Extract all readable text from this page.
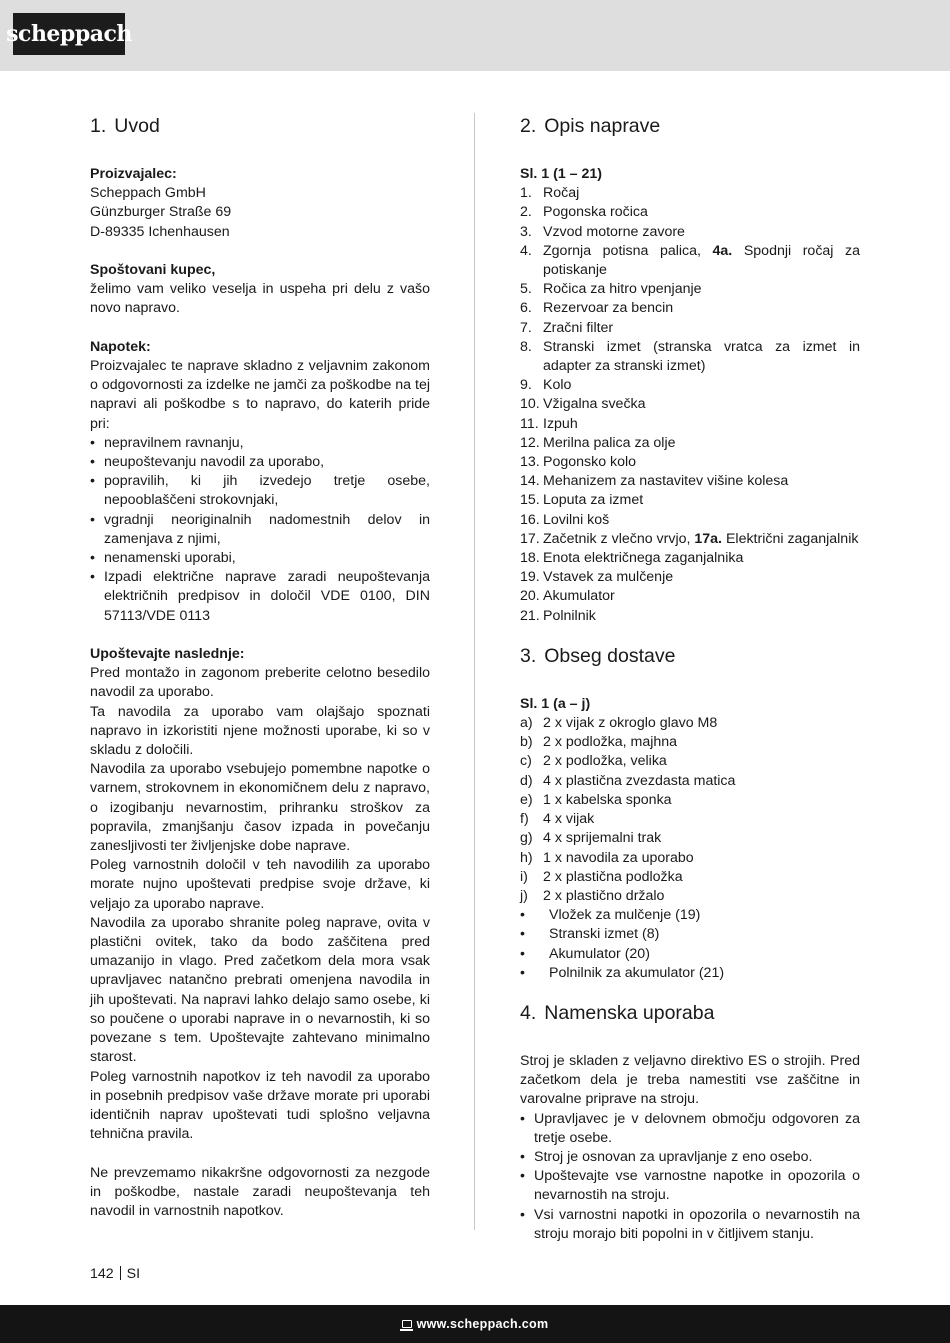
scheppach
1. Uvod
Proizvajalec:
Scheppach GmbH
Günzburger Straße 69
D-89335 Ichenhausen
Spoštovani kupec,

želimo vam veliko veselja in uspeha pri delu z vašo novo napravo.

Napotek:

Proizvajalec te naprave skladno z veljavnim zakonom o odgovornosti za izdelke ne jamči za poškodbe na tej napravi ali poškodbe s to napravo, do katerih pride pri:

• nepravilnem ravnanju,
• neupoštevanju navodil za uporabo,
• popravilih, ki jih izvedejo tretje osebe, nepooblaščeni strokovnjaki,
• vgradnji neoriginalnih nadomestnih delov in zamenjava z njimi,
• nenamenski uporabi,
• Izpadi električne naprave zaradi neupoštevanja električnih predpisov in določil VDE 0100, DIN 57113/VDE 0113
Upoštevajte naslednje:

Pred montažo in zagonom preberite celotno besedilo navodil za uporabo.

Ta navodila za uporabo vam olajšajo spoznati napravo in izkoristiti njene možnosti uporabe, ki so v skladu z določili.

Navodila za uporabo vsebujejo pomembne napotke o varnem, strokovnem in ekonomičnem delu z napravo, o izogibanju nevarnostim, prihranku stroškov za popravila, zmanjšanju časov izpada in povečanju zanesljivosti ter življenjske dobe naprave.

Poleg varnostnih določil v teh navodilih za uporabo morate nujno upoštevati predpise svoje države, ki veljajo za uporabo naprave.

Navodila za uporabo shranite poleg naprave, ovita v plastični ovitek, tako da bodo zaščitena pred umazanijo in vlago. Pred začetkom dela mora vsak upravljavec natančno prebrati omenjena navodila in jih upoštevati. Na napravi lahko delajo samo osebe, ki so poučene o uporabi naprave in o nevarnostih, ki so povezane s tem. Upoštevajte zahtevano minimalno starost.

Poleg varnostnih napotkov iz teh navodil za uporabo in posebnih predpisov vaše države morate pri uporabi identičnih naprav upoštevati tudi splošno veljavna tehnična pravila.

Ne prevzemamo nikakršne odgovornosti za nezgode in poškodbe, nastale zaradi neupoštevanja teh navodil in varnostnih napotkov.

2. Opis naprave
Sl. 1 (1 – 21)
1. Ročaj
2. Pogonska ročica
3. Vzvod motorne zavore
4. Zgornja potisna palica, 4a. Spodnji ročaj za potiskanje
5. Ročica za hitro vpenjanje
6. Rezervoar za bencin
7. Zračni filter
8. Stranski izmet (stranska vratca za izmet in adapter za stranski izmet)
9. Kolo
10. Vžigalna svečka
11. Izpuh
12. Merilna palica za olje
13. Pogonsko kolo
14. Mehanizem za nastavitev višine kolesa
15. Loputa za izmet
16. Lovilni koš
17. Začetnik z vlečno vrvjo, 17a. Električni zaganjalnik
18. Enota električnega zaganjalnika
19. Vstavek za mulčenje
20. Akumulator
21. Polnilnik
3. Obseg dostave
Sl. 1 (a – j)
a) 2 x vijak z okroglo glavo M8
b) 2 x podložka, majhna
c) 2 x podložka, velika
d) 4 x plastična zvezdasta matica
e) 1 x kabelska sponka
f) 4 x vijak
g) 4 x sprijemalni trak
h) 1 x navodila za uporabo
i) 2 x plastična podložka
j) 2 x plastično držalo
• Vložek za mulčenje (19)
• Stranski izmet (8)
• Akumulator (20)
• Polnilnik za akumulator (21)
4. Namenska uporaba

Stroj je skladen z veljavno direktivo ES o strojih. Pred začetkom dela je treba namestiti vse zaščitne in varovalne priprave na stroju.

• Upravljavec je v delovnem območju odgovoren za tretje osebe.
• Stroj je osnovan za upravljanje z eno osebo.
• Upoštevajte vse varnostne napotke in opozorila o nevarnostih na stroju.
• Vsi varnostni napotki in opozorila o nevarnostih na stroju morajo biti popolni in v čitljivem stanju.
142 SI
www.scheppach.com
